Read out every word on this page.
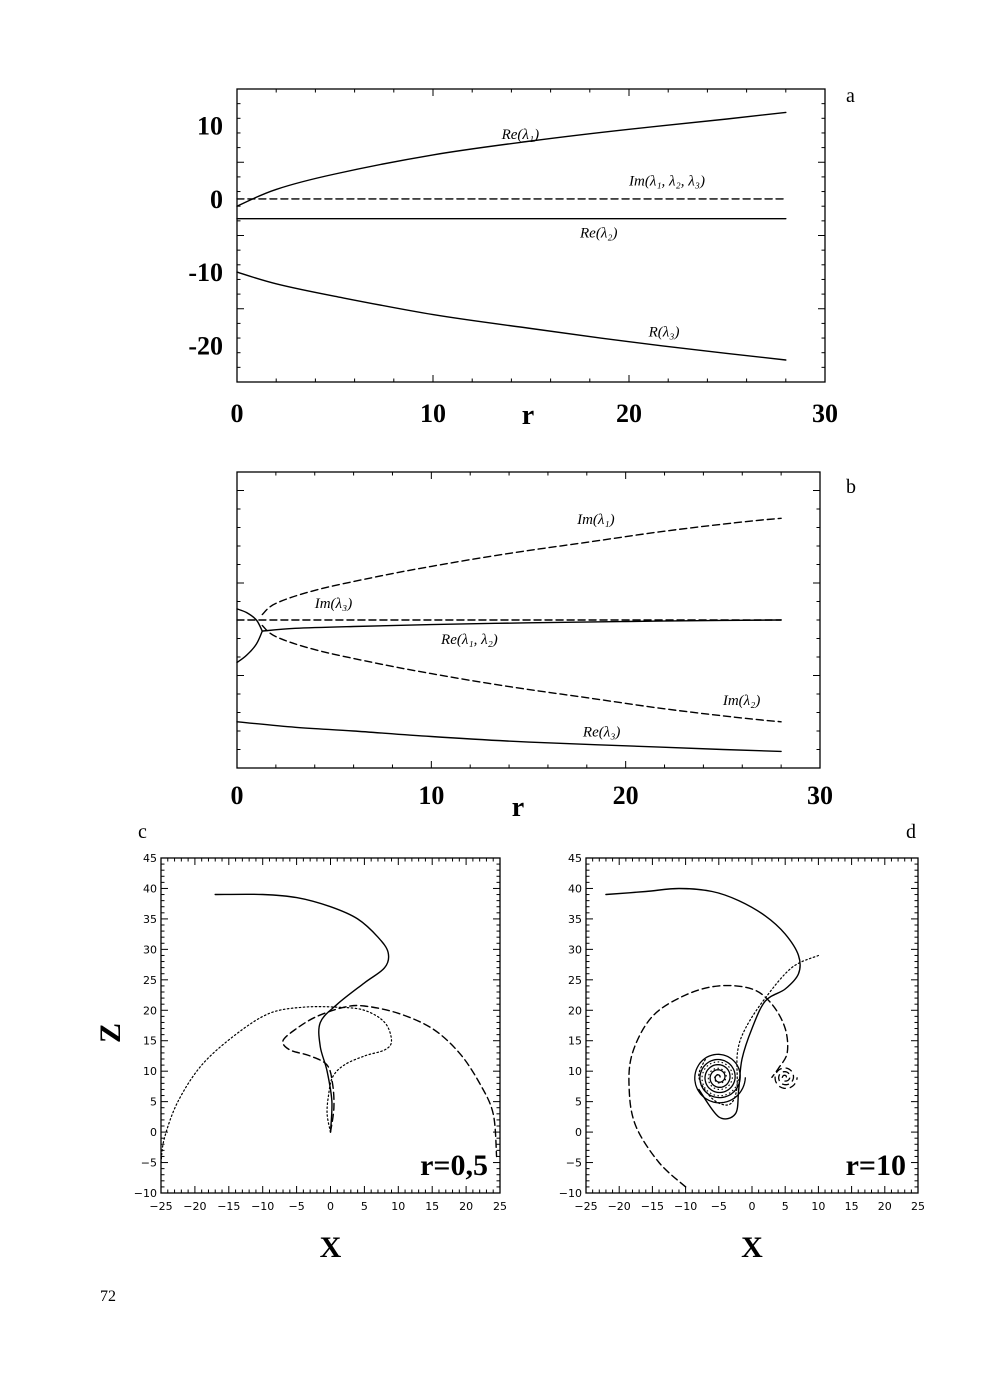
Re(λ₁)
Im(λ₁, λ₂, λ₃)
Re(λ₂)
R(λ₃)
10
0
-10
-20
0	10	20	30
r
a
Im(λ₁)
Im(λ₃)
Re(λ₁, λ₂)
Im(λ₂)
Re(λ₃)
0	10	20	30
r
b
−25 −20 −15 −10 −5 0 5 10 15 20 25
45
40
35
30
25
20
15
10
5
0
−5
−10
r=0,5
X
Z
c
−25 −20 −15 −10 −5 0 5 10 15 20 25
45
40
35
30
25
20
15
10
5
0
−5
−10
r=10
X
d
72
